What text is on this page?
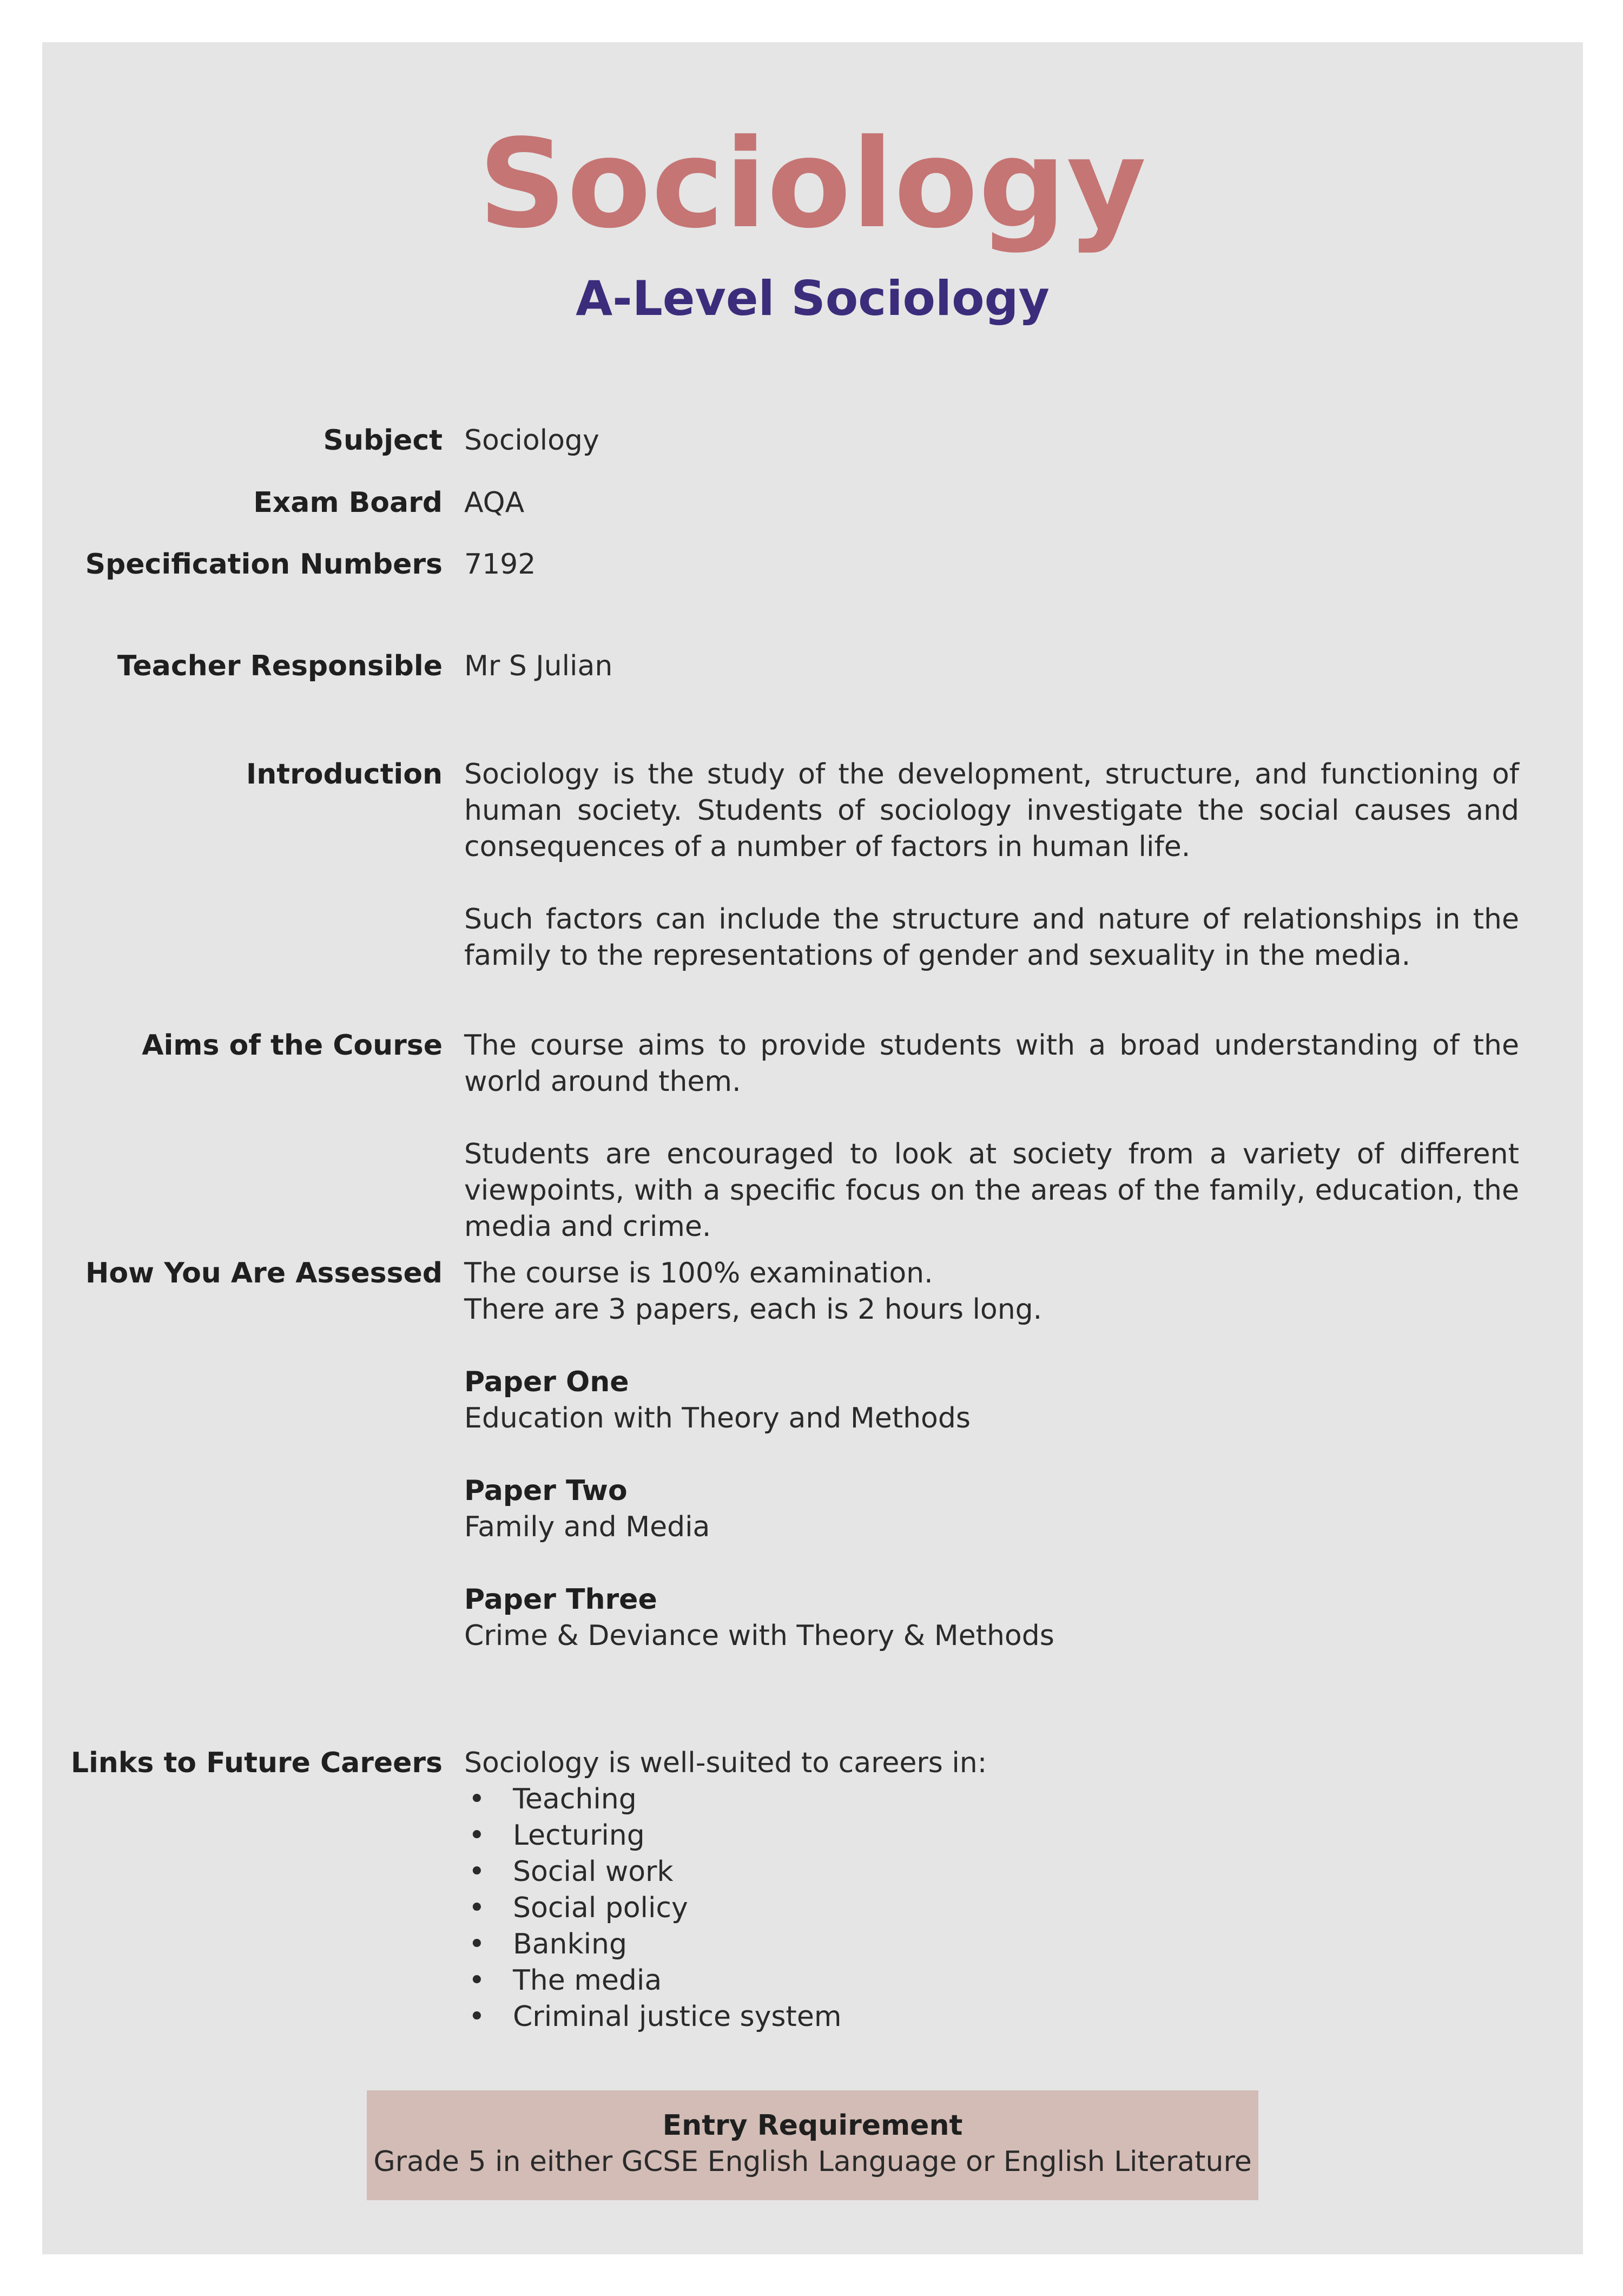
Sociology
A-Level Sociology
Subject Sociology
Exam Board AQA
Specification Numbers 7192
Teacher Responsible Mr S Julian
Introduction Sociology is the study of the development, structure, and functioning of human society. Students of sociology investigate the social causes and consequences of a number of factors in human life.

Such factors can include the structure and nature of relationships in the family to the representations of gender and sexuality in the media.

Aims of the Course The course aims to provide students with a broad understanding of the world around them.

Students are encouraged to look at society from a variety of different viewpoints, with a specific focus on the areas of the family, education, the media and crime.

How You Are Assessed The course is 100% examination.

There are 3 papers, each is 2 hours long.

Paper One

Education with Theory and Methods

Paper Two

Family and Media

Paper Three

Crime & Deviance with Theory & Methods

Links to Future Careers Sociology is well-suited to careers in:

• Teaching
• Lecturing
• Social work
• Social policy
• Banking
• The media
• Criminal justice system
Entry Requirement
Grade 5 in either GCSE English Language or English Literature
